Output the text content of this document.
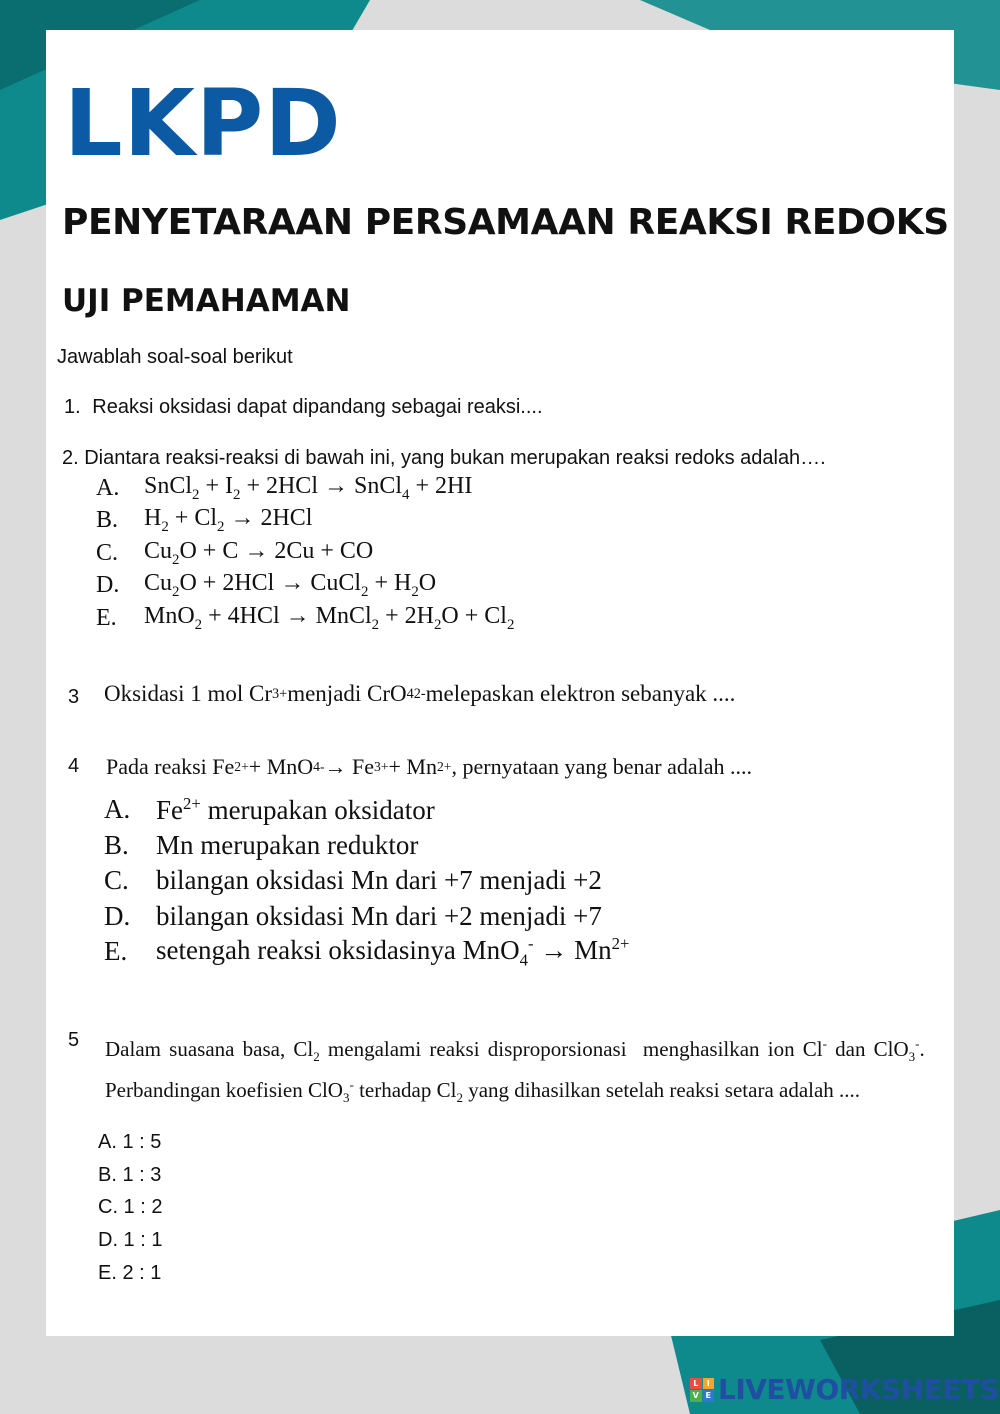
LKPD
PENYETARAAN PERSAMAAN REAKSI REDOKS
UJI PEMAHAMAN
Jawablah soal-soal berikut
1. Reaksi oksidasi dapat dipandang sebagai reaksi....
2. Diantara reaksi-reaksi di bawah ini, yang bukan merupakan reaksi redoks adalah….
A.	SnCl$_2$ + $I_2 + 2HCl$ → SnCl$_4$ + 2HI
B.	$H_2 + Cl_2 \to 2HCl$
C.	$Cu_2O + C \to 2Cu$ + CO
D.	$Cu_2O + 2HCl$ → CuCl$_2$ + $H_2O$
E.	MnO$_2$ + 4HCl → MnCl$_2$ + $2H_2O + Cl_2$
3 Oksidasi 1 mol Cr 3+ menjadi CrO 4 2- melepaskan elektron sebanyak ....
4 Pada reaksi Fe 2+ + MnO 4 - → Fe 3+ + Mn 2+ , pernyataan yang benar adalah ....
A. $Fe^{2+}$ merupakan oksidator
B.	Mn merupakan reduktor
C.	bilangan oksidasi Mn dari +7 menjadi +2
D. bilangan oksidasi Mn dari +2 menjadi +7
E.	setengah reaksi oksidasinya $MnO_4^- \to Mn^{2+}$
5	Dalam suasana basa, $Cl_2$ mengalami reaksi disproporsionasi  menghasilkan ion Cl- dan ClO$_3$-.  Perbandingan koefisien ClO$_3$- terhadap $Cl_2$ yang dihasilkan setelah reaksi setara adalah ....
A. 1 : 5
B. 1 : 3
C. 1 : 2
D. 1 : 1
E. 2 : 1
L	I
V E LIVEWORKSHEETS
